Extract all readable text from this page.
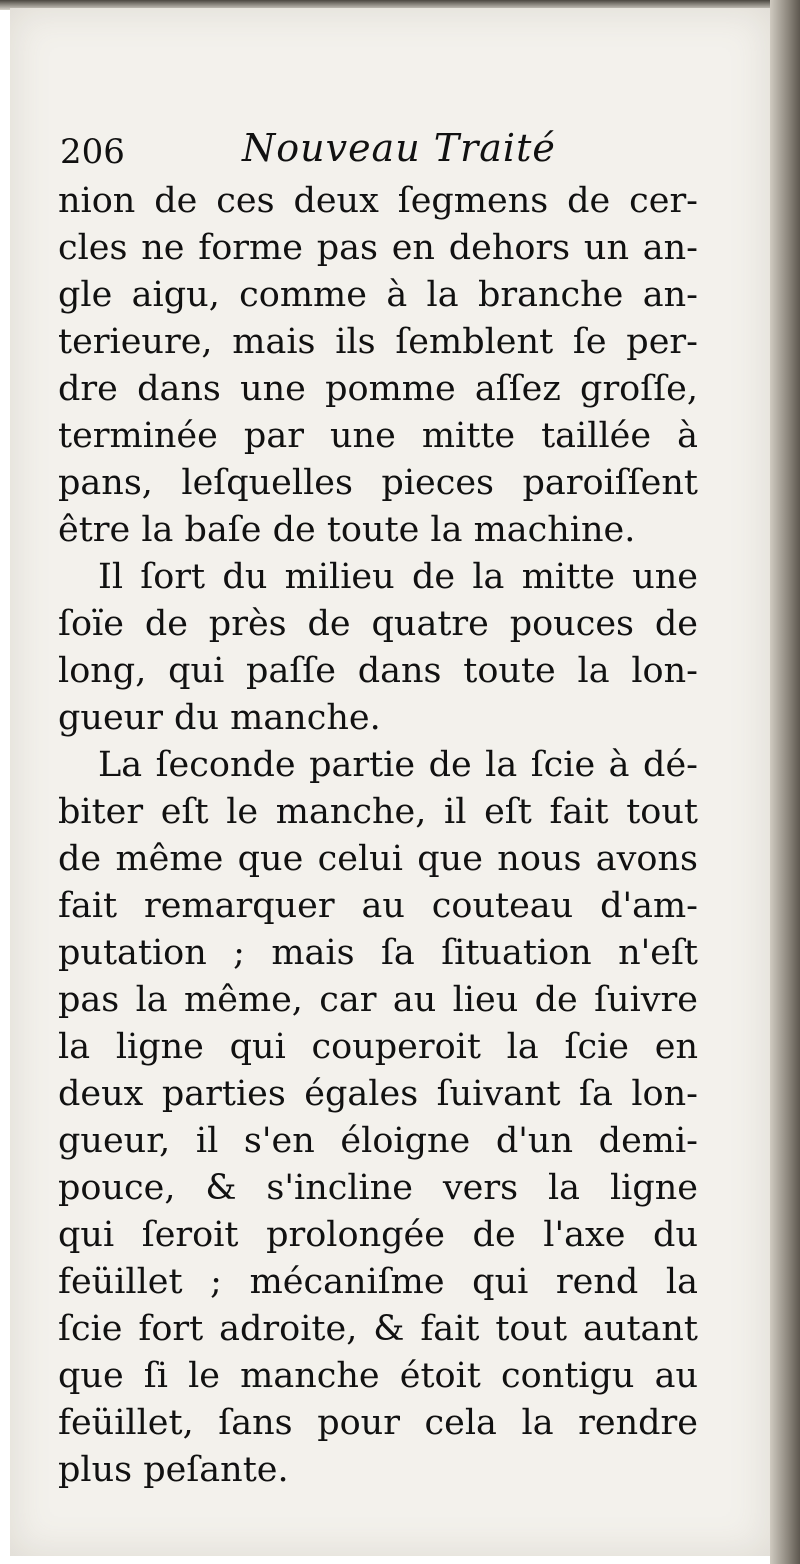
206	Nouveau Traité
nion de ces deux ſegmens de cer-
cles ne forme pas en dehors un an-
gle aigu, comme à la branche an-
terieure, mais ils ſemblent ſe per-
dre dans une pomme aſſez groſſe,
terminée par une mitte taillée à
pans, leſquelles pieces paroiſſent
être la baſe de toute la machine.
Il ſort du milieu de la mitte une
ſoïe de près de quatre pouces de
long, qui paſſe dans toute la lon-
gueur du manche.
La ſeconde partie de la ſcie à dé-
biter eſt le manche, il eſt fait tout
de même que celui que nous avons
fait remarquer au couteau d'am-
putation ; mais ſa ſituation n'eſt
pas la même, car au lieu de ſuivre
la ligne qui couperoit la ſcie en
deux parties égales ſuivant ſa lon-
gueur, il s'en éloigne d'un demi-
pouce, & s'incline vers la ligne
qui ſeroit prolongée de l'axe du
feüillet ; mécaniſme qui rend la
ſcie fort adroite, & fait tout autant
que ſi le manche étoit contigu au
feüillet, ſans pour cela la rendre
plus peſante.
